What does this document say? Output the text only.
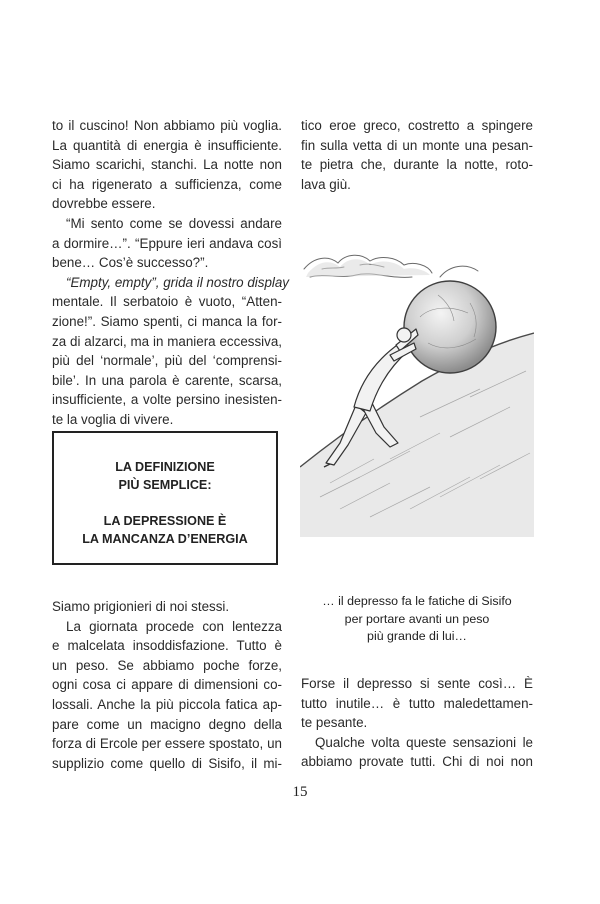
to il cuscino! Non abbiamo più voglia.
La quantità di energia è insufficiente.
Siamo scarichi, stanchi. La notte non
ci ha rigenerato a sufficienza, come
dovrebbe essere.
“Mi sento come se dovessi andare
a dormire…”. “Eppure ieri andava così
bene… Cos’è successo?”.
“Empty, empty”, grida il nostro display
mentale. Il serbatoio è vuoto, “Atten-
zione!”. Siamo spenti, ci manca la for-
za di alzarci, ma in maniera eccessiva,
più del ‘normale’, più del ‘comprensi-
bile’. In una parola è carente, scarsa,
insufficiente, a volte persino inesisten-
te la voglia di vivere.
LA DEFINIZIONE
PIÙ SEMPLICE:
LA DEPRESSIONE È
LA MANCANZA D’ENERGIA
Siamo prigionieri di noi stessi.
La giornata procede con lentezza
e malcelata insoddisfazione. Tutto è
un peso. Se abbiamo poche forze,
ogni cosa ci appare di dimensioni co-
lossali. Anche la più piccola fatica ap-
pare come un macigno degno della
forza di Ercole per essere spostato, un
supplizio come quello di Sisifo, il mi-
tico eroe greco, costretto a spingere
fin sulla vetta di un monte una pesan-
te pietra che, durante la notte, roto-
lava giù.
… il depresso fa le fatiche di Sisifo
per portare avanti un peso
più grande di lui…
Forse il depresso si sente così… È
tutto inutile… è tutto maledettamen-
te pesante.
Qualche volta queste sensazioni le
abbiamo provate tutti. Chi di noi non
15
